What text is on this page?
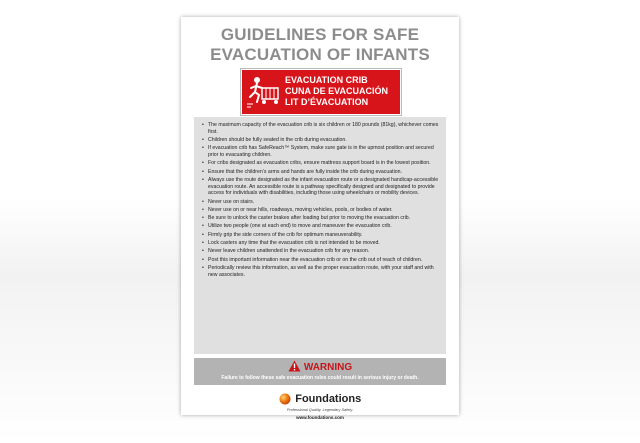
GUIDELINES FOR SAFE
EVACUATION OF INFANTS
EVACUATION CRIB
CUNA DE EVACUACIÓN
LIT D’ÉVACUATION
• The maximum capacity of the evacuation crib is six children or 180 pounds (81kg), whichever comes first.
• Children should be fully seated in the crib during evacuation.
• If evacuation crib has SafeReach™ System, make sure gate is in the upmost position and secured prior to evacuating children.
• For cribs designated as evacuation cribs, ensure mattress support board is in the lowest position.
• Ensure that the children’s arms and hands are fully inside the crib during evacuation.
• Always use the route designated as the infant evacuation route or a designated handicap-accessible evacuation route. An accessible route is a pathway specifically designed and designated to provide access for individuals with disabilities, including those using wheelchairs or mobility devices.
• Never use on stairs.
• Never use on or near hills, roadways, moving vehicles, pools, or bodies of water.
• Be sure to unlock the caster brakes after loading but prior to moving the evacuation crib.
• Utilize two people (one at each end) to move and maneuver the evacuation crib.
• Firmly grip the side corners of the crib for optimum maneuverability.
• Lock casters any time that the evacuation crib is not intended to be moved.
• Never leave children unattended in the evacuation crib for any reason.
• Post this important information near the evacuation crib or on the crib out of reach of children.
• Periodically review this information, as well as the proper evacuation route, with your staff and with new associates.
WARNING
Failure to follow these safe evacuation rules could result in serious injury or death.
Foundations
Professional Quality. Legendary Safety.
www.foundations.com
